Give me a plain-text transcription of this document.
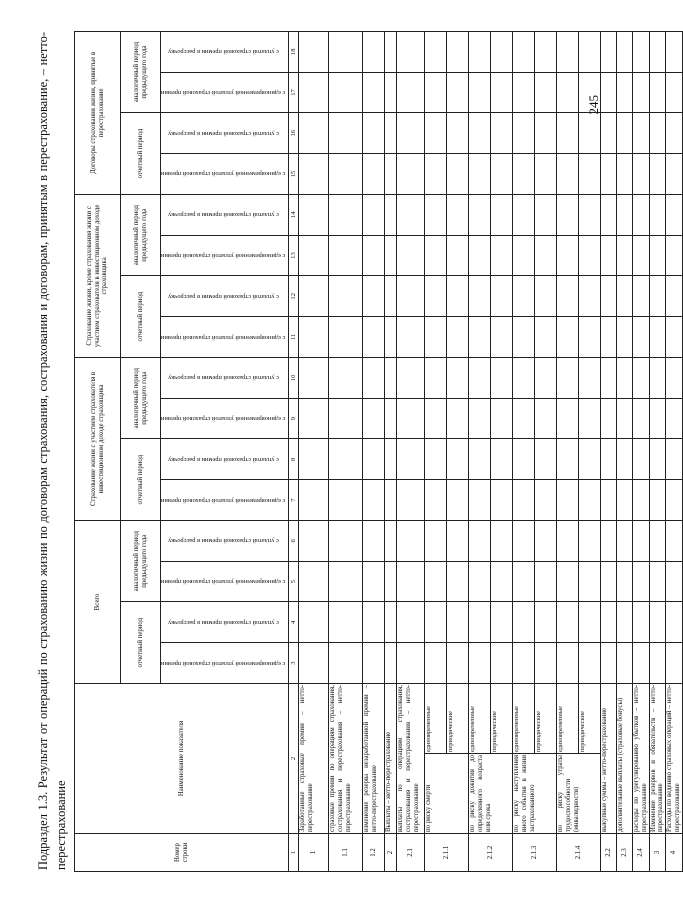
245
Подраздел 1.3. Результат от операций по страхованию жизни по договорам страхования, сострахования и договорам, принятым в перестрахование, – нетто-перестрахование	Номер строки	Наименование показателя		Всего				Страхование жизни с участием страхователя в инвестиционном доходе страховщика				Страхование жизни, кроме страхования жизни с участием страхователя в инвестиционном доходе страховщика				Договоры страхования жизни, принятые в перестрахование			
			отчетный период		аналогичный период предыдущего года		отчетный период		аналогичный период предыдущего года		отчетный период		аналогичный период предыдущего года		отчетный период		аналогичный период предыдущего года	
			с единовременной уплатой страховой премии	с уплатой страховой премии в рассрочку	с единовременной уплатой страховой премии	с уплатой страховой премии в рассрочку	с единовременной уплатой страховой премии	с уплатой страховой премии в рассрочку	с единовременной уплатой страховой премии	с уплатой страховой премии в рассрочку	с единовременной уплатой страховой премии	с уплатой страховой премии в рассрочку	с единовременной уплатой страховой премии	с уплатой страховой премии в рассрочку	с единовременной уплатой страховой премии	с уплатой страховой премии в рассрочку	с единовременной уплатой страховой премии	с уплатой страховой премии в рассрочку
1	2		3	4	5	6	7	8	9	10	11	12	13	14	15	16	17	18
1	Заработанные страховые премии – нетто-перестрахование																	
1.1	страховые премии по операциям страхования, сострахования и перестрахования – нетто-перестрахование																	
1.2	изменение резерва незаработанной премии – нетто-перестрахование																	
2	Выплаты – нетто-перестрахование																	
2.1	выплаты по операциям страхования, сострахования и перестрахования – нетто-перестрахование																	
2.1.1	по риску смерти	единовременные																
		периодические																
2.1.2	по риску дожития до определенного возраста или срока	единовременные																
		периодические																
2.1.3	по риску наступления иного события в жизни застрахованного	единовременные																
		периодические																
2.1.4	по риску утраты трудоспособности (инвалидности)	единовременные																
		периодические																
2.2	выкупные суммы – нетто-перестрахование																	
2.3	дополнительные выплаты (страховые бонусы)																	
2.4	расходы по урегулированию убытков – нетто-перестрахование																	
3	Изменение резервов и обязательств – нетто-перестрахование																	
4	Расходы по ведению страховых операций – нетто-перестрахование																	
